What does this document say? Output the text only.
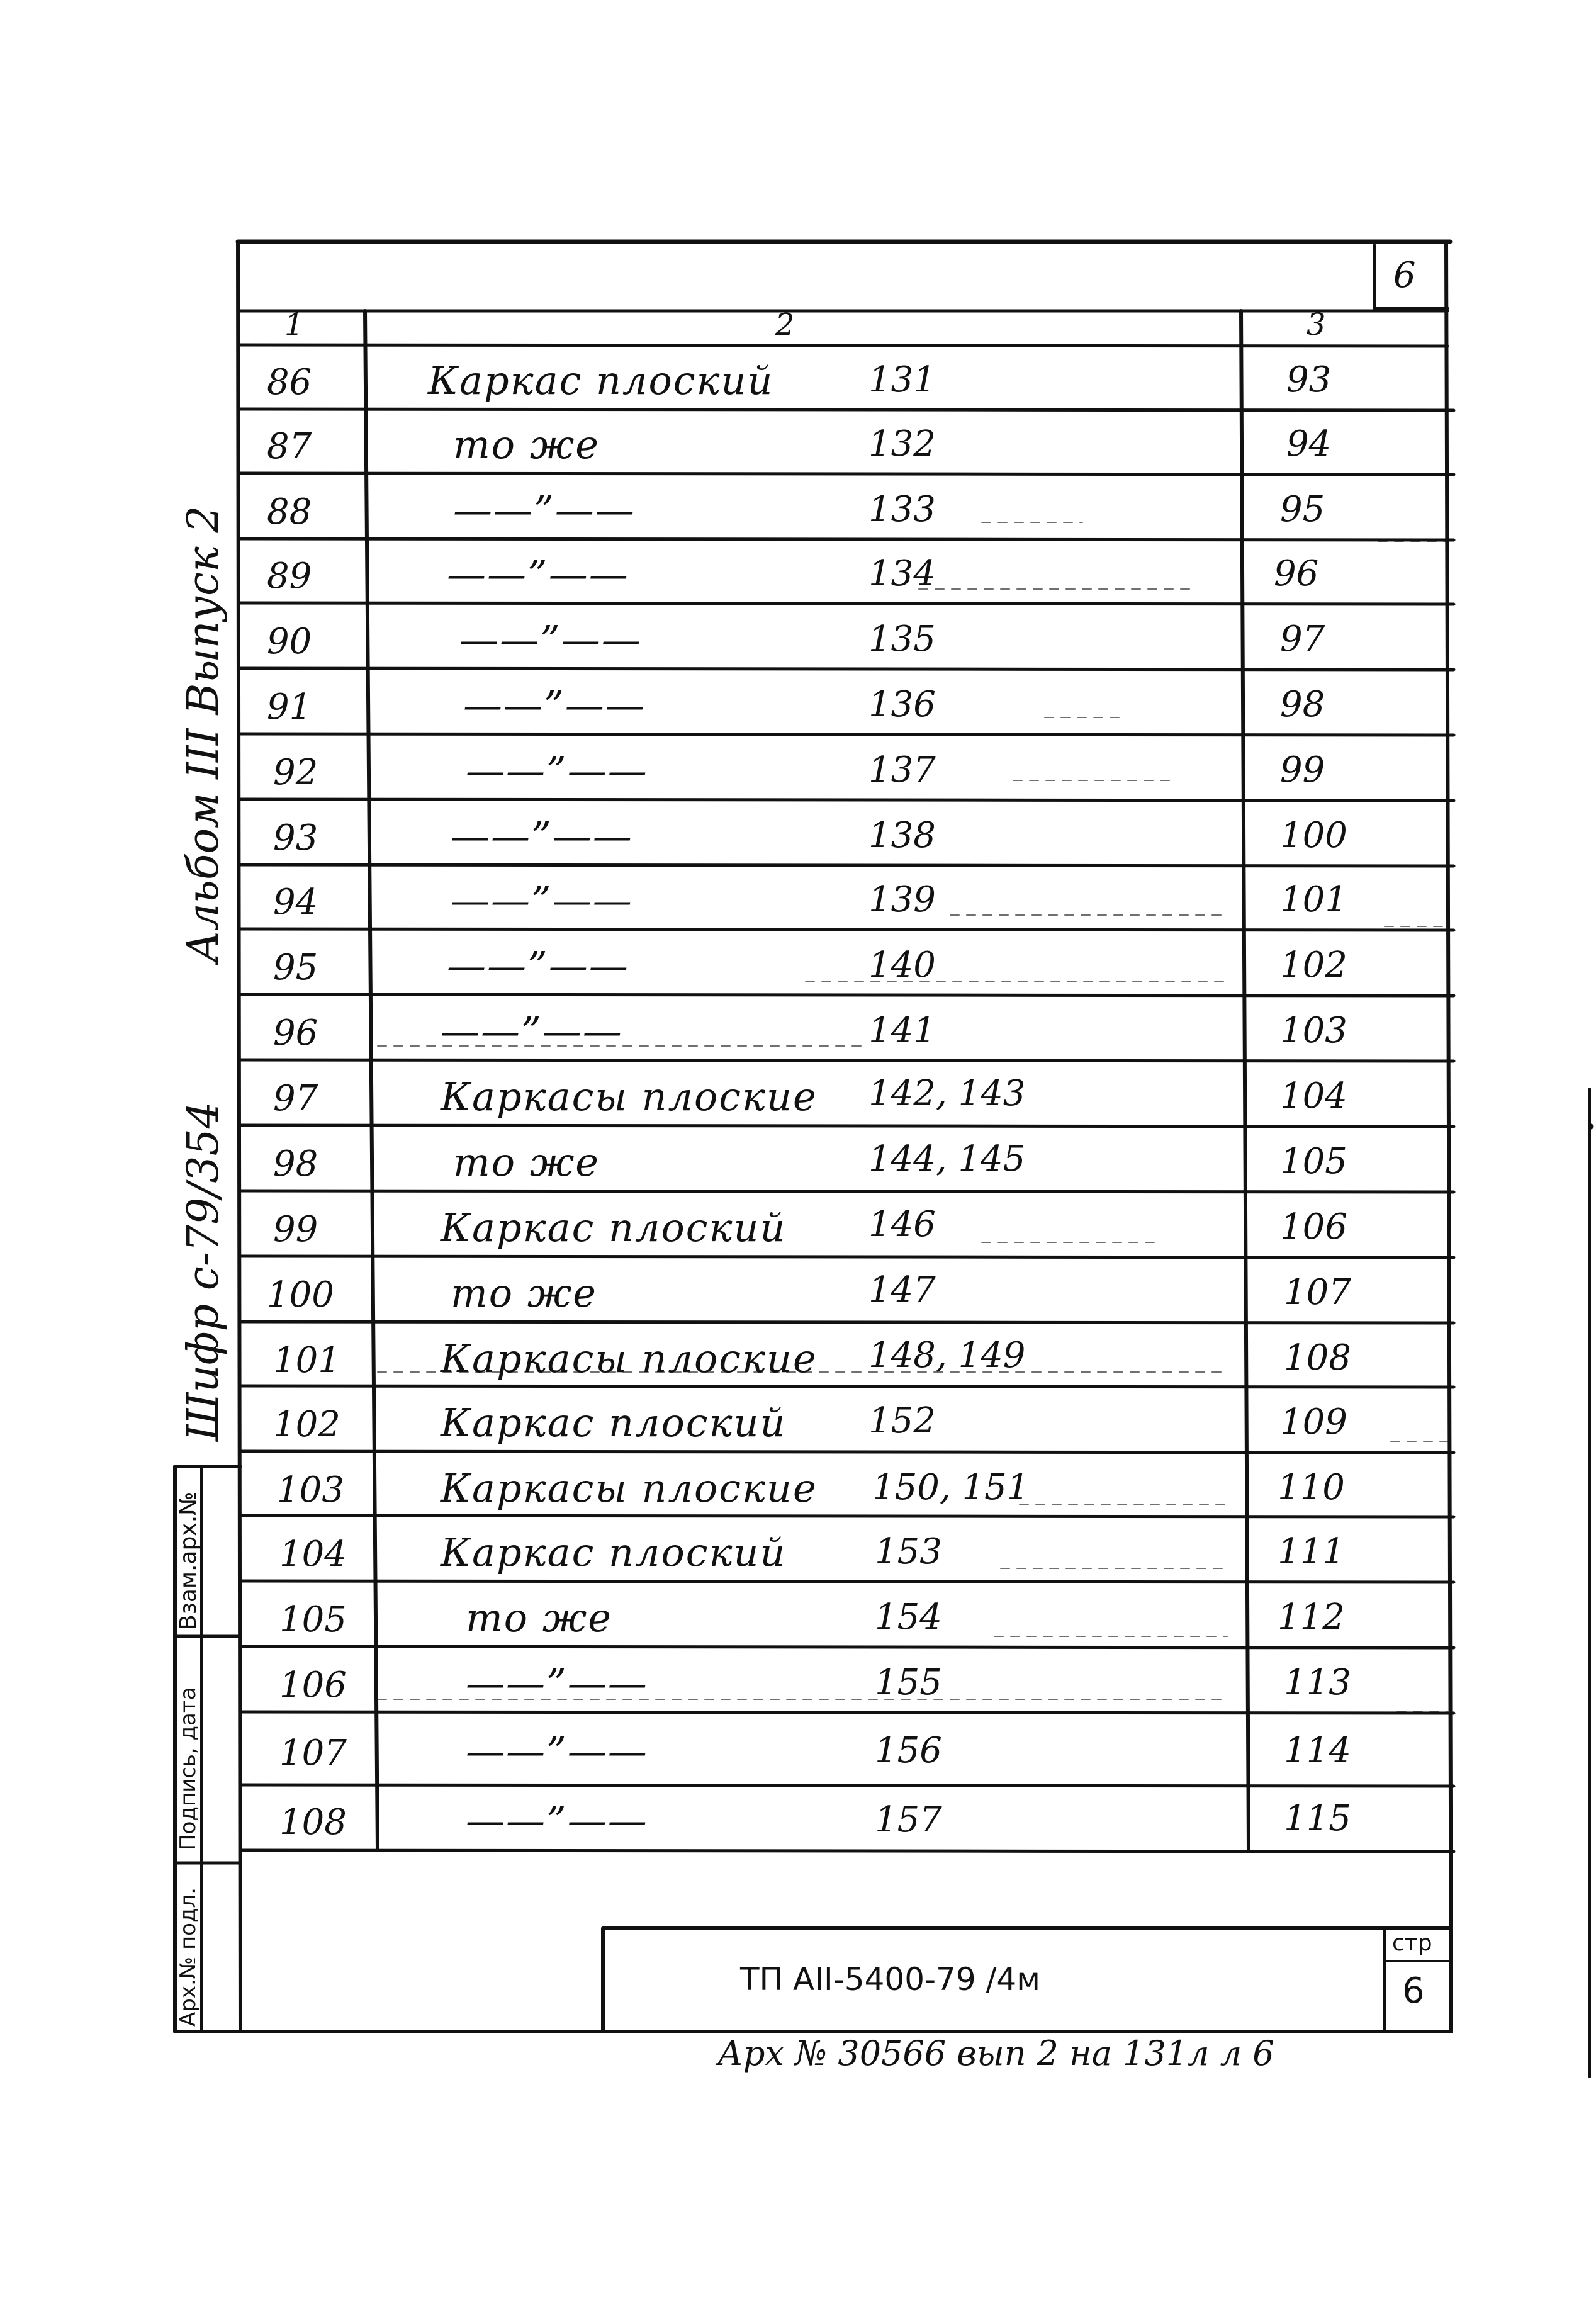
6
1	2	3
86	Каркас плоский	131	93
87	то же	132	94
88	——”——	133	95
89	——”——	134	96
90	——”——	135	97
91	——”——	136	98
92	——”——	137	99
93	——”——	138	100
94	——”——	139	101
95	——”——	140	102
96	——”——	141	103
97	Каркасы плоские 142, 143	104
98	то же	144, 145	105
99	Каркас плоский 146	106
100	то же	147	107
101	Каркасы плоские 148, 149	108
102	Каркас плоский 152	109
103 Каркасы плоские 150, 151	110
104 Каркас плоский	153	111
105	то же	154	112
106	——”——	155	113
107	——”——	156	114
108	——”——	157	115
Альбом III Выпуск 2
Шифр с-79/354
Взам.арх.№
Подпись, дата
Арх.№ подл.	ТП АII-5400-79 /4м
стр
6
Арх № 30566 вып 2 на 131л л 6
